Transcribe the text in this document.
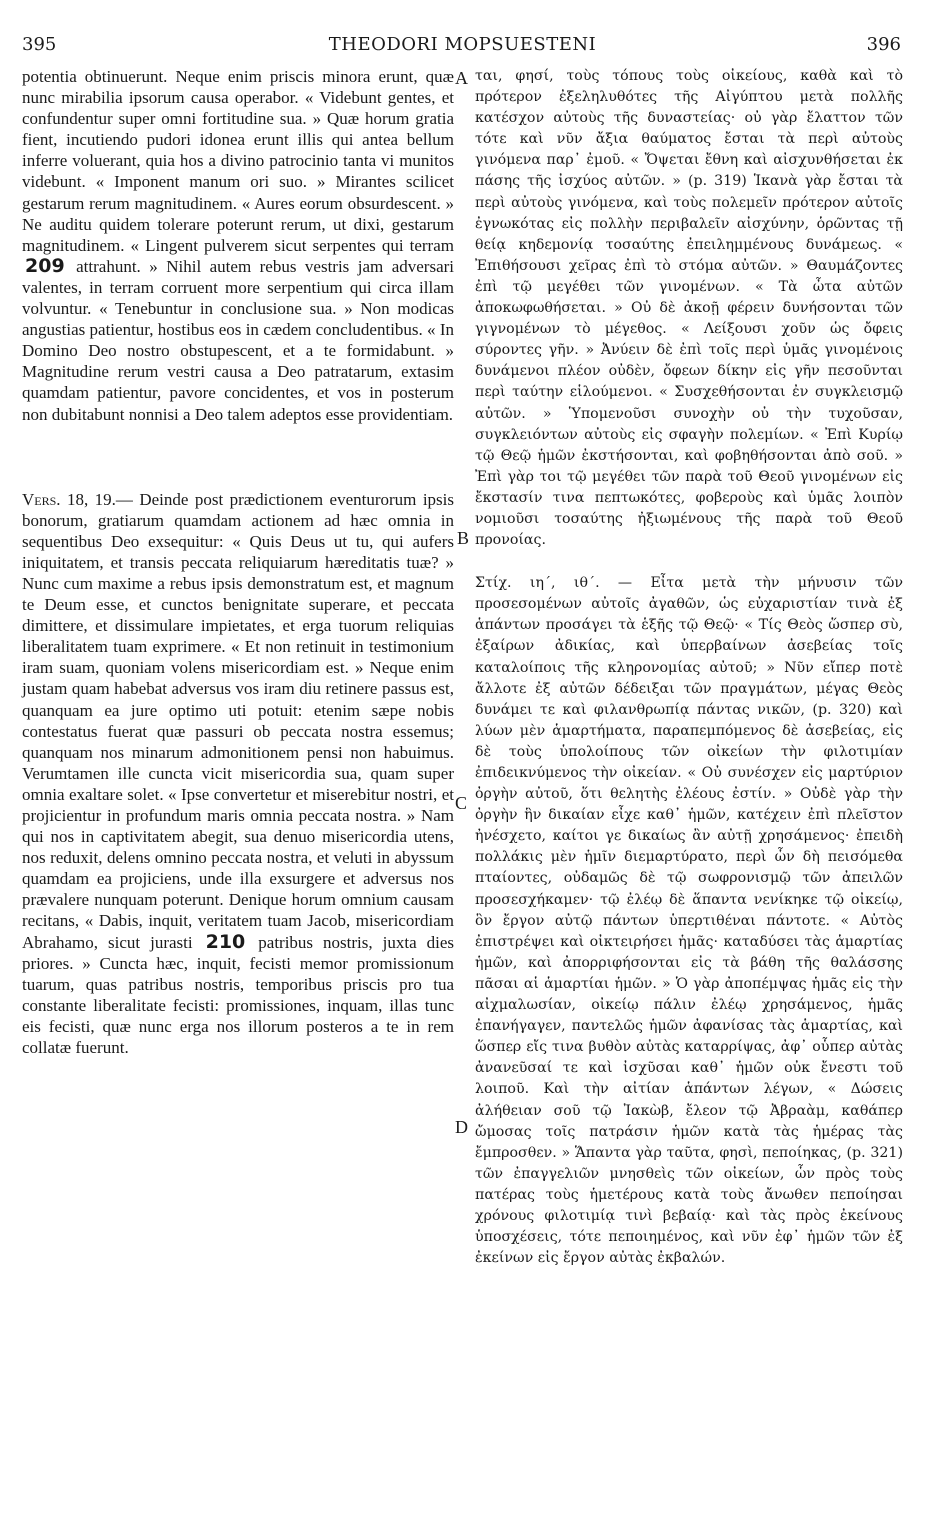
395	THEODORI MOPSUESTENI	396
potentia obtinuerunt. Neque enim priscis minora erunt, quæ nunc mirabilia ipsorum causa operabor. « Videbunt gentes, et confundentur super omni fortitudine sua. » Quæ horum gratia fient, incutiendo pudori idonea erunt illis qui antea bellum inferre voluerant, quia hos a divino patrocinio tanta vi munitos videbunt. « Imponent manum ori suo. » Mirantes scilicet gestarum rerum magnitudinem. « Aures eorum obsurdescent. » Ne auditu quidem tolerare poterunt rerum, ut dixi, gestarum magnitudinem. « Lingent pulverem sicut serpentes qui terram 209 attrahunt. » Nihil autem rebus vestris jam adversari valentes, in terram corruent more serpentium qui circa illam volvuntur. « Tenebuntur in conclusione sua. » Non modicas angustias patientur, hostibus eos in cædem concludentibus. « In Domino Deo nostro obstupescent, et a te formidabunt. » Magnitudine rerum vestri causa a Deo patratarum, extasim quamdam patientur, pavore concidentes, et vos in posterum non dubitabunt nonnisi a Deo talem adeptos esse providentiam.
Vers. 18, 19.— Deinde post prædictionem eventurorum ipsis bonorum, gratiarum quamdam actionem ad hæc omnia in sequentibus Deo exsequitur: « Quis Deus ut tu, qui aufers iniquitatem, et transis peccata reliquiarum hæreditatis tuæ? » Nunc cum maxime a rebus ipsis demonstratum est, et magnum te Deum esse, et cunctos benignitate superare, et peccata dimittere, et dissimulare impietates, et erga tuorum reliquias liberalitatem tuam exprimere. « Et non retinuit in testimonium iram suam, quoniam volens misericordiam est. » Neque enim justam quam habebat adversus vos iram diu retinere passus est, quanquam ea jure optimo uti potuit: etenim sæpe nobis contestatus fuerat quæ passuri ob peccata nostra essemus; quanquam nos minarum admonitionem pensi non habuimus. Verumtamen ille cuncta vicit misericordia sua, quam super omnia exaltare solet. « Ipse convertetur et miserebitur nostri, et projicientur in profundum maris omnia peccata nostra. » Nam qui nos in captivitatem abegit, sua denuo misericordia utens, nos reduxit, delens omnino peccata nostra, et veluti in abyssum quamdam ea projiciens, unde illa exsurgere et adversus nos prævalere nunquam poterunt. Denique horum omnium causam recitans, « Dabis, inquit, veritatem tuam Jacob, misericordiam Abrahamo, sicut jurasti 210 patribus nostris, juxta dies priores. » Cuncta hæc, inquit, fecisti memor promissionum tuarum, quas patribus nostris, temporibus priscis pro tua constante liberalitate fecisti: promissiones, inquam, illas tunc eis fecisti, quæ nunc erga nos illorum posteros a te in rem collatæ fuerunt.
A
B
C
D
ται, φησί, τοὺς τόπους τοὺς οἰκείους, καθὰ καὶ τὸ πρότερον ἐξεληλυθότες τῆς Αἰγύπτου μετὰ πολλῆς κατέσχον αὐτοὺς τῆς δυναστείας· οὐ γὰρ ἔλαττον τῶν τότε καὶ νῦν ἄξια θαύματος ἔσται τὰ περὶ αὐτοὺς γινόμενα παρ᾽ ἐμοῦ. « Ὄψεται ἔθνη καὶ αἰσχυνθήσεται ἐκ πάσης τῆς ἰσχύος αὐτῶν. » (p. 319) Ἱκανὰ γὰρ ἔσται τὰ περὶ αὐτοὺς γινόμενα, καὶ τοὺς πολεμεῖν πρότερον αὐτοῖς ἐγνωκότας εἰς πολλὴν περιβαλεῖν αἰσχύνην, ὁρῶντας τῇ θείᾳ κηδεμονίᾳ τοσαύτης ἐπειλημμένους δυνάμεως. « Ἐπιθήσουσι χεῖρας ἐπὶ τὸ στόμα αὐτῶν. » Θαυμάζοντες ἐπὶ τῷ μεγέθει τῶν γινομένων. « Τὰ ὦτα αὐτῶν ἀποκωφωθήσεται. » Οὐ δὲ ἀκοῇ φέρειν δυνήσονται τῶν γιγνομένων τὸ μέγεθος. « Λείξουσι χοῦν ὡς ὄφεις σύροντες γῆν. » Ἀνύειν δὲ ἐπὶ τοῖς περὶ ὑμᾶς γινομένοις δυνάμενοι πλέον οὐδὲν, ὄφεων δίκην εἰς γῆν πεσοῦνται περὶ ταύτην εἱλούμενοι. « Συσχεθήσονται ἐν συγκλεισμῷ αὐτῶν. » Ὑπομενοῦσι συνοχὴν οὐ τὴν τυχοῦσαν, συγκλειόντων αὐτοὺς εἰς σφαγὴν πολεμίων. « Ἐπὶ Κυρίῳ τῷ Θεῷ ἡμῶν ἐκστήσονται, καὶ φοβηθήσονται ἀπὸ σοῦ. » Ἐπὶ γὰρ τοι τῷ μεγέθει τῶν παρὰ τοῦ Θεοῦ γινομένων εἰς ἔκστασίν τινα πεπτωκότες, φοβεροὺς καὶ ὑμᾶς λοιπὸν νομιοῦσι τοσαύτης ἠξιωμένους τῆς παρὰ τοῦ Θεοῦ προνοίας.
Στίχ. ιη΄, ιθ΄. — Εἶτα μετὰ τὴν μήνυσιν τῶν προσεσομένων αὐτοῖς ἀγαθῶν, ὡς εὐχαριστίαν τινὰ ἐξ ἁπάντων προσάγει τὰ ἑξῆς τῷ Θεῷ· « Τίς Θεὸς ὥσπερ σὺ, ἐξαίρων ἀδικίας, καὶ ὑπερβαίνων ἀσεβείας τοῖς καταλοίποις τῆς κληρονομίας αὐτοῦ; » Νῦν εἴπερ ποτὲ ἄλλοτε ἐξ αὐτῶν δέδειξαι τῶν πραγμάτων, μέγας Θεὸς δυνάμει τε καὶ φιλανθρωπίᾳ πάντας νικῶν, (p. 320) καὶ λύων μὲν ἁμαρτήματα, παραπεμπόμενος δὲ ἀσεβείας, εἰς δὲ τοὺς ὑπολοίπους τῶν οἰκείων τὴν φιλοτιμίαν ἐπιδεικνύμενος τὴν οἰκείαν. « Οὐ συνέσχεν εἰς μαρτύριον ὀργὴν αὐτοῦ, ὅτι θελητὴς ἐλέους ἐστίν. » Οὐδὲ γὰρ τὴν ὀργὴν ἣν δικαίαν εἶχε καθ᾽ ἡμῶν, κατέχειν ἐπὶ πλεῖστον ἠνέσχετο, καίτοι γε δικαίως ἂν αὐτῇ χρησάμενος· ἐπειδὴ πολλάκις μὲν ἡμῖν διεμαρτύρατο, περὶ ὧν δὴ πεισόμεθα πταίοντες, οὐδαμῶς δὲ τῷ σωφρονισμῷ τῶν ἀπειλῶν προσεσχήκαμεν· τῷ ἐλέῳ δὲ ἅπαντα νενίκηκε τῷ οἰκείῳ, ὃν ἔργον αὐτῷ πάντων ὑπερτιθέναι πάντοτε. « Αὐτὸς ἐπιστρέψει καὶ οἰκτειρήσει ἡμᾶς· καταδύσει τὰς ἁμαρτίας ἡμῶν, καὶ ἀπορριφήσονται εἰς τὰ βάθη τῆς θαλάσσης πᾶσαι αἱ ἁμαρτίαι ἡμῶν. » Ὁ γὰρ ἀποπέμψας ἡμᾶς εἰς τὴν αἰχμαλωσίαν, οἰκείῳ πάλιν ἐλέῳ χρησάμενος, ἡμᾶς ἐπανήγαγεν, παντελῶς ἡμῶν ἀφανίσας τὰς ἁμαρτίας, καὶ ὥσπερ εἴς τινα βυθὸν αὐτὰς καταρρίψας, ἀφ᾽ οὗπερ αὐτὰς ἀνανεῦσαί τε καὶ ἰσχῦσαι καθ᾽ ἡμῶν οὐκ ἔνεστι τοῦ λοιποῦ. Καὶ τὴν αἰτίαν ἁπάντων λέγων, « Δώσεις ἀλήθειαν σοῦ τῷ Ἰακὼβ, ἔλεον τῷ Ἀβραὰμ, καθάπερ ὤμοσας τοῖς πατράσιν ἡμῶν κατὰ τὰς ἡμέρας τὰς ἔμπροσθεν. » Ἅπαντα γὰρ ταῦτα, φησὶ, πεποίηκας, (p. 321) τῶν ἐπαγγελιῶν μνησθεὶς τῶν οἰκείων, ὧν πρὸς τοὺς πατέρας τοὺς ἡμετέρους κατὰ τοὺς ἄνωθεν πεποίησαι χρόνους φιλοτιμίᾳ τινὶ βεβαίᾳ· καὶ τὰς πρὸς ἐκείνους ὑποσχέσεις, τότε πεποιημένος, καὶ νῦν ἐφ᾽ ἡμῶν τῶν ἐξ ἐκείνων εἰς ἔργον αὐτὰς ἐκβαλών.
